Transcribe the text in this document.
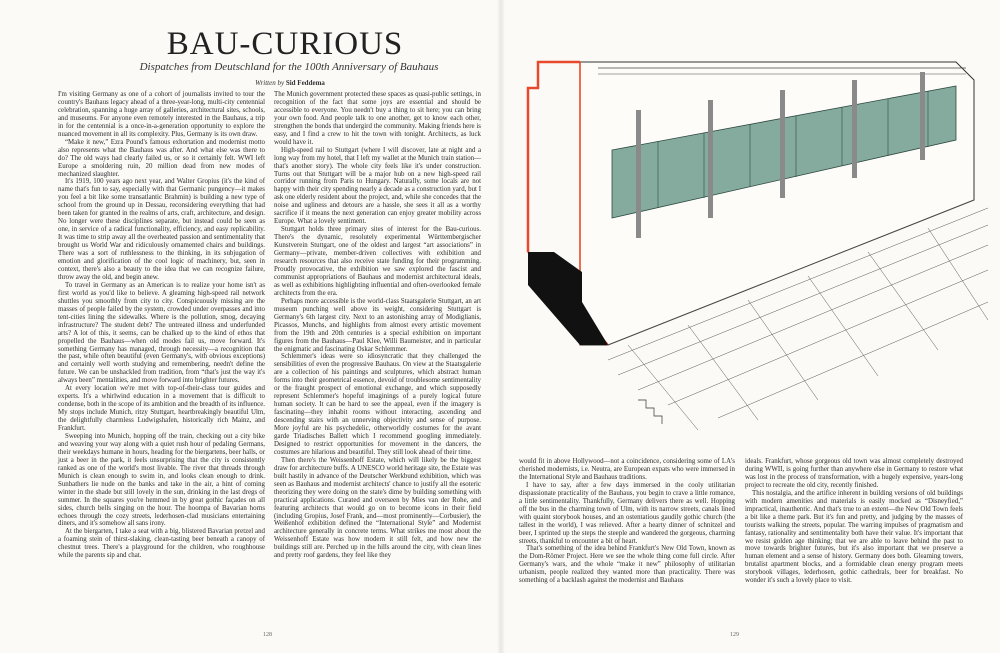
BAU-CURIOUS
Dispatches from Deutschland for the 100th Anniversary of Bauhaus
Written by Sid Feddema

I'm visiting Germany as one of a cohort of journalists invited to tour the country's Bauhaus legacy ahead of a three-year-long, multi-city centennial celebration, spanning a huge array of galleries, architectural sites, schools, and museums. For anyone even remotely interested in the Bauhaus, a trip in for the centennial is a once-in-a-generation opportunity to explore the nuanced movement in all its complexity. Plus, Germany is its own draw.

“Make it new,” Ezra Pound's famous exhortation and modernist motto also represents what the Bauhaus was after. And what else was there to do? The old ways had clearly failed us, or so it certainly felt. WWI left Europe a smoldering ruin, 20 million dead from new modes of mechanized slaughter.

It's 1919, 100 years ago next year, and Walter Gropius (it's the kind of name that's fun to say, especially with that Germanic pungency—it makes you feel a bit like some transatlantic Brahmin) is building a new type of school from the ground up in Dessau, reconsidering everything that had been taken for granted in the realms of arts, craft, architecture, and design. No longer were these disciplines separate, but instead could be seen as one, in service of a radical functionality, efficiency, and easy replicability. It was time to strip away all the overheated passion and sentimentality that brought us World War and ridiculously ornamented chairs and buildings. There was a sort of ruthlessness to the thinking, in its subjugation of emotion and glorification of the cool logic of machinery, but, seen in context, there's also a beauty to the idea that we can recognize failure, throw away the old, and begin anew.

To travel in Germany as an American is to realize your home isn't as first world as you'd like to believe. A gleaming high-speed rail network shuttles you smoothly from city to city. Conspicuously missing are the masses of people failed by the system, crowded under overpasses and into tent-cities lining the sidewalks. Where is the pollution, smog, decaying infrastructure? The student debt? The untreated illness and underfunded arts? A lot of this, it seems, can be chalked up to the kind of ethos that propelled the Bauhaus—when old modes fail us, move forward. It's something Germany has managed, through necessity—a recognition that the past, while often beautiful (even Germany's, with obvious exceptions) and certainly well worth studying and remembering, needn't define the future. We can be unshackled from tradition, from “that's just the way it's always been” mentalities, and move forward into brighter futures.

At every location we're met with top-of-their-class tour guides and experts. It's a whirlwind education in a movement that is difficult to condense, both in the scope of its ambition and the breadth of its influence. My stops include Munich, ritzy Stuttgart, heartbreakingly beautiful Ulm, the delightfully charmless Ludwigshafen, historically rich Mainz, and Frankfurt.

Sweeping into Munich, hopping off the train, checking out a city bike and weaving your way along with a quiet rush hour of pedaling Germans, their weekdays humane in hours, heading for the biergartens, beer halls, or just a beer in the park, it feels unsurprising that the city is consistently ranked as one of the world's most livable. The river that threads through Munich is clean enough to swim in, and looks clean enough to drink. Sunbathers lie nude on the banks and take in the air, a hint of coming winter in the shade but still lovely in the sun, drinking in the last dregs of summer. In the squares you're hemmed in by great gothic façades on all sides, church bells singing on the hour. The hoompa of Bavarian horns echoes through the cozy streets, lederhosen-clad musicians entertaining diners, and it's somehow all sans irony.

At the biergarten, I take a seat with a big, blistered Bavarian pretzel and a foaming stein of thirst-slaking, clean-tasting beer beneath a canopy of chestnut trees. There's a playground for the children, who roughhouse while the parents sip and chat.

The Munich government protected these spaces as quasi-public settings, in recognition of the fact that some joys are essential and should be accessible to everyone. You needn't buy a thing to sit here; you can bring your own food. And people talk to one another, get to know each other, strengthen the bonds that undergird the community. Making friends here is easy, and I find a crew to hit the town with tonight. Architects, as luck would have it.

High-speed rail to Stuttgart (where I will discover, late at night and a long way from my hotel, that I left my wallet at the Munich train station—that's another story). The whole city feels like it's under construction. Turns out that Stuttgart will be a major hub on a new high-speed rail corridor running from Paris to Hungary. Naturally, some locals are not happy with their city spending nearly a decade as a construction yard, but I ask one elderly resident about the project, and, while she concedes that the noise and ugliness and detours are a hassle, she sees it all as a worthy sacrifice if it means the next generation can enjoy greater mobility across Europe. What a lovely sentiment.

Stuttgart holds three primary sites of interest for the Bau-curious. There's the dynamic, resolutely experimental Württembergischer Kunstverein Stuttgart, one of the oldest and largest “art associations” in Germany—private, member-driven collectives with exhibition and research resources that also receive state funding for their programming. Proudly provocative, the exhibition we saw explored the fascist and communist appropriations of Bauhaus and modernist architectural ideals, as well as exhibitions highlighting influential and often-overlooked female architects from the era.

Perhaps more accessible is the world-class Staatsgalerie Stuttgart, an art museum punching well above its weight, considering Stuttgart is Germany's 6th largest city. Next to an astonishing array of Modiglianis, Picassos, Munchs, and highlights from almost every artistic movement from the 19th and 20th centuries is a special exhibition on important figures from the Bauhaus—Paul Klee, Willi Baumeister, and in particular the enigmatic and fascinating Oskar Schlemmer.

Schlemmer's ideas were so idiosyncratic that they challenged the sensibilities of even the progressive Bauhaus. On view at the Staatsgalerie are a collection of his paintings and sculptures, which abstract human forms into their geometrical essence, devoid of troublesome sentimentality or the fraught prospect of emotional exchange, and which supposedly represent Schlemmer's hopeful imaginings of a purely logical future human society. It can be hard to see the appeal, even if the imagery is fascinating—they inhabit rooms without interacting, ascending and descending stairs with an unnerving objectivity and sense of purpose. More joyful are his psychedelic, otherworldly costumes for the avant garde Triadisches Ballett which I recommend googling immediately. Designed to restrict opportunities for movement in the dancers, the costumes are hilarious and beautiful. They still look ahead of their time.

Then there's the Weissenhoff Estate, which will likely be the biggest draw for architecture buffs. A UNESCO world heritage site, the Estate was built hastily in advance of the Deutscher Werkbund exhibition, which was seen as Bauhaus and modernist architects' chance to justify all the esoteric theorizing they were doing on the state's dime by building something with practical applications. Curated and overseen by Mies van der Rohe, and featuring architects that would go on to become icons in their field (including Gropius, Josef Frank, and—most prominently—Corbusier), the Weißenhof exhibition defined the “International Style” and Modernist architecture generally in concrete terms. What strikes me most about the Weissenhoff Estate was how modern it still felt, and how new the buildings still are. Perched up in the hills around the city, with clean lines and pretty roof gardens, they feel like they

would fit in above Hollywood—not a coincidence, considering some of LA's cherished modernists, i.e. Neutra, are European expats who were immersed in the International Style and Bauhaus traditions.

I have to say, after a few days immersed in the cooly utilitarian dispassionate practicality of the Bauhaus, you begin to crave a little romance, a little sentimentality. Thankfully, Germany delivers there as well. Hopping off the bus in the charming town of Ulm, with its narrow streets, canals lined with quaint storybook houses, and an ostentatious gaudily gothic church (the tallest in the world), I was relieved. After a hearty dinner of schnitzel and beer, I sprinted up the steps the steeple and wandered the gorgeous, charming streets, thankful to encounter a bit of heart.

That's something of the idea behind Frankfurt's New Old Town, known as the Dom-Römer Project. Here we see the whole thing come full circle. After Germany's wars, and the whole “make it new” philosophy of utilitarian urbanism, people realized they wanted more than practicality. There was something of a backlash against the modernist and Bauhaus

ideals. Frankfurt, whose gorgeous old town was almost completely destroyed during WWII, is going further than anywhere else in Germany to restore what was lost in the process of transformation, with a hugely expensive, years-long project to recreate the old city, recently finished.

This nostalgia, and the artifice inherent in building versions of old buildings with modern amenities and materials is easily mocked as “Disneyfied,” impractical, inauthentic. And that's true to an extent—the New Old Town feels a bit like a theme park. But it's fun and pretty, and judging by the masses of tourists walking the streets, popular. The warring impulses of pragmatism and fantasy, rationality and sentimentality both have their value. It's important that we resist golden age thinking; that we are able to leave behind the past to move towards brighter futures, but it's also important that we preserve a human element and a sense of history. Germany does both. Gleaming towers, brutalist apartment blocks, and a formidable clean energy program meets storybook villages, lederhosen, gothic cathedrals, beer for breakfast. No wonder it's such a lovely place to visit.

128	129
